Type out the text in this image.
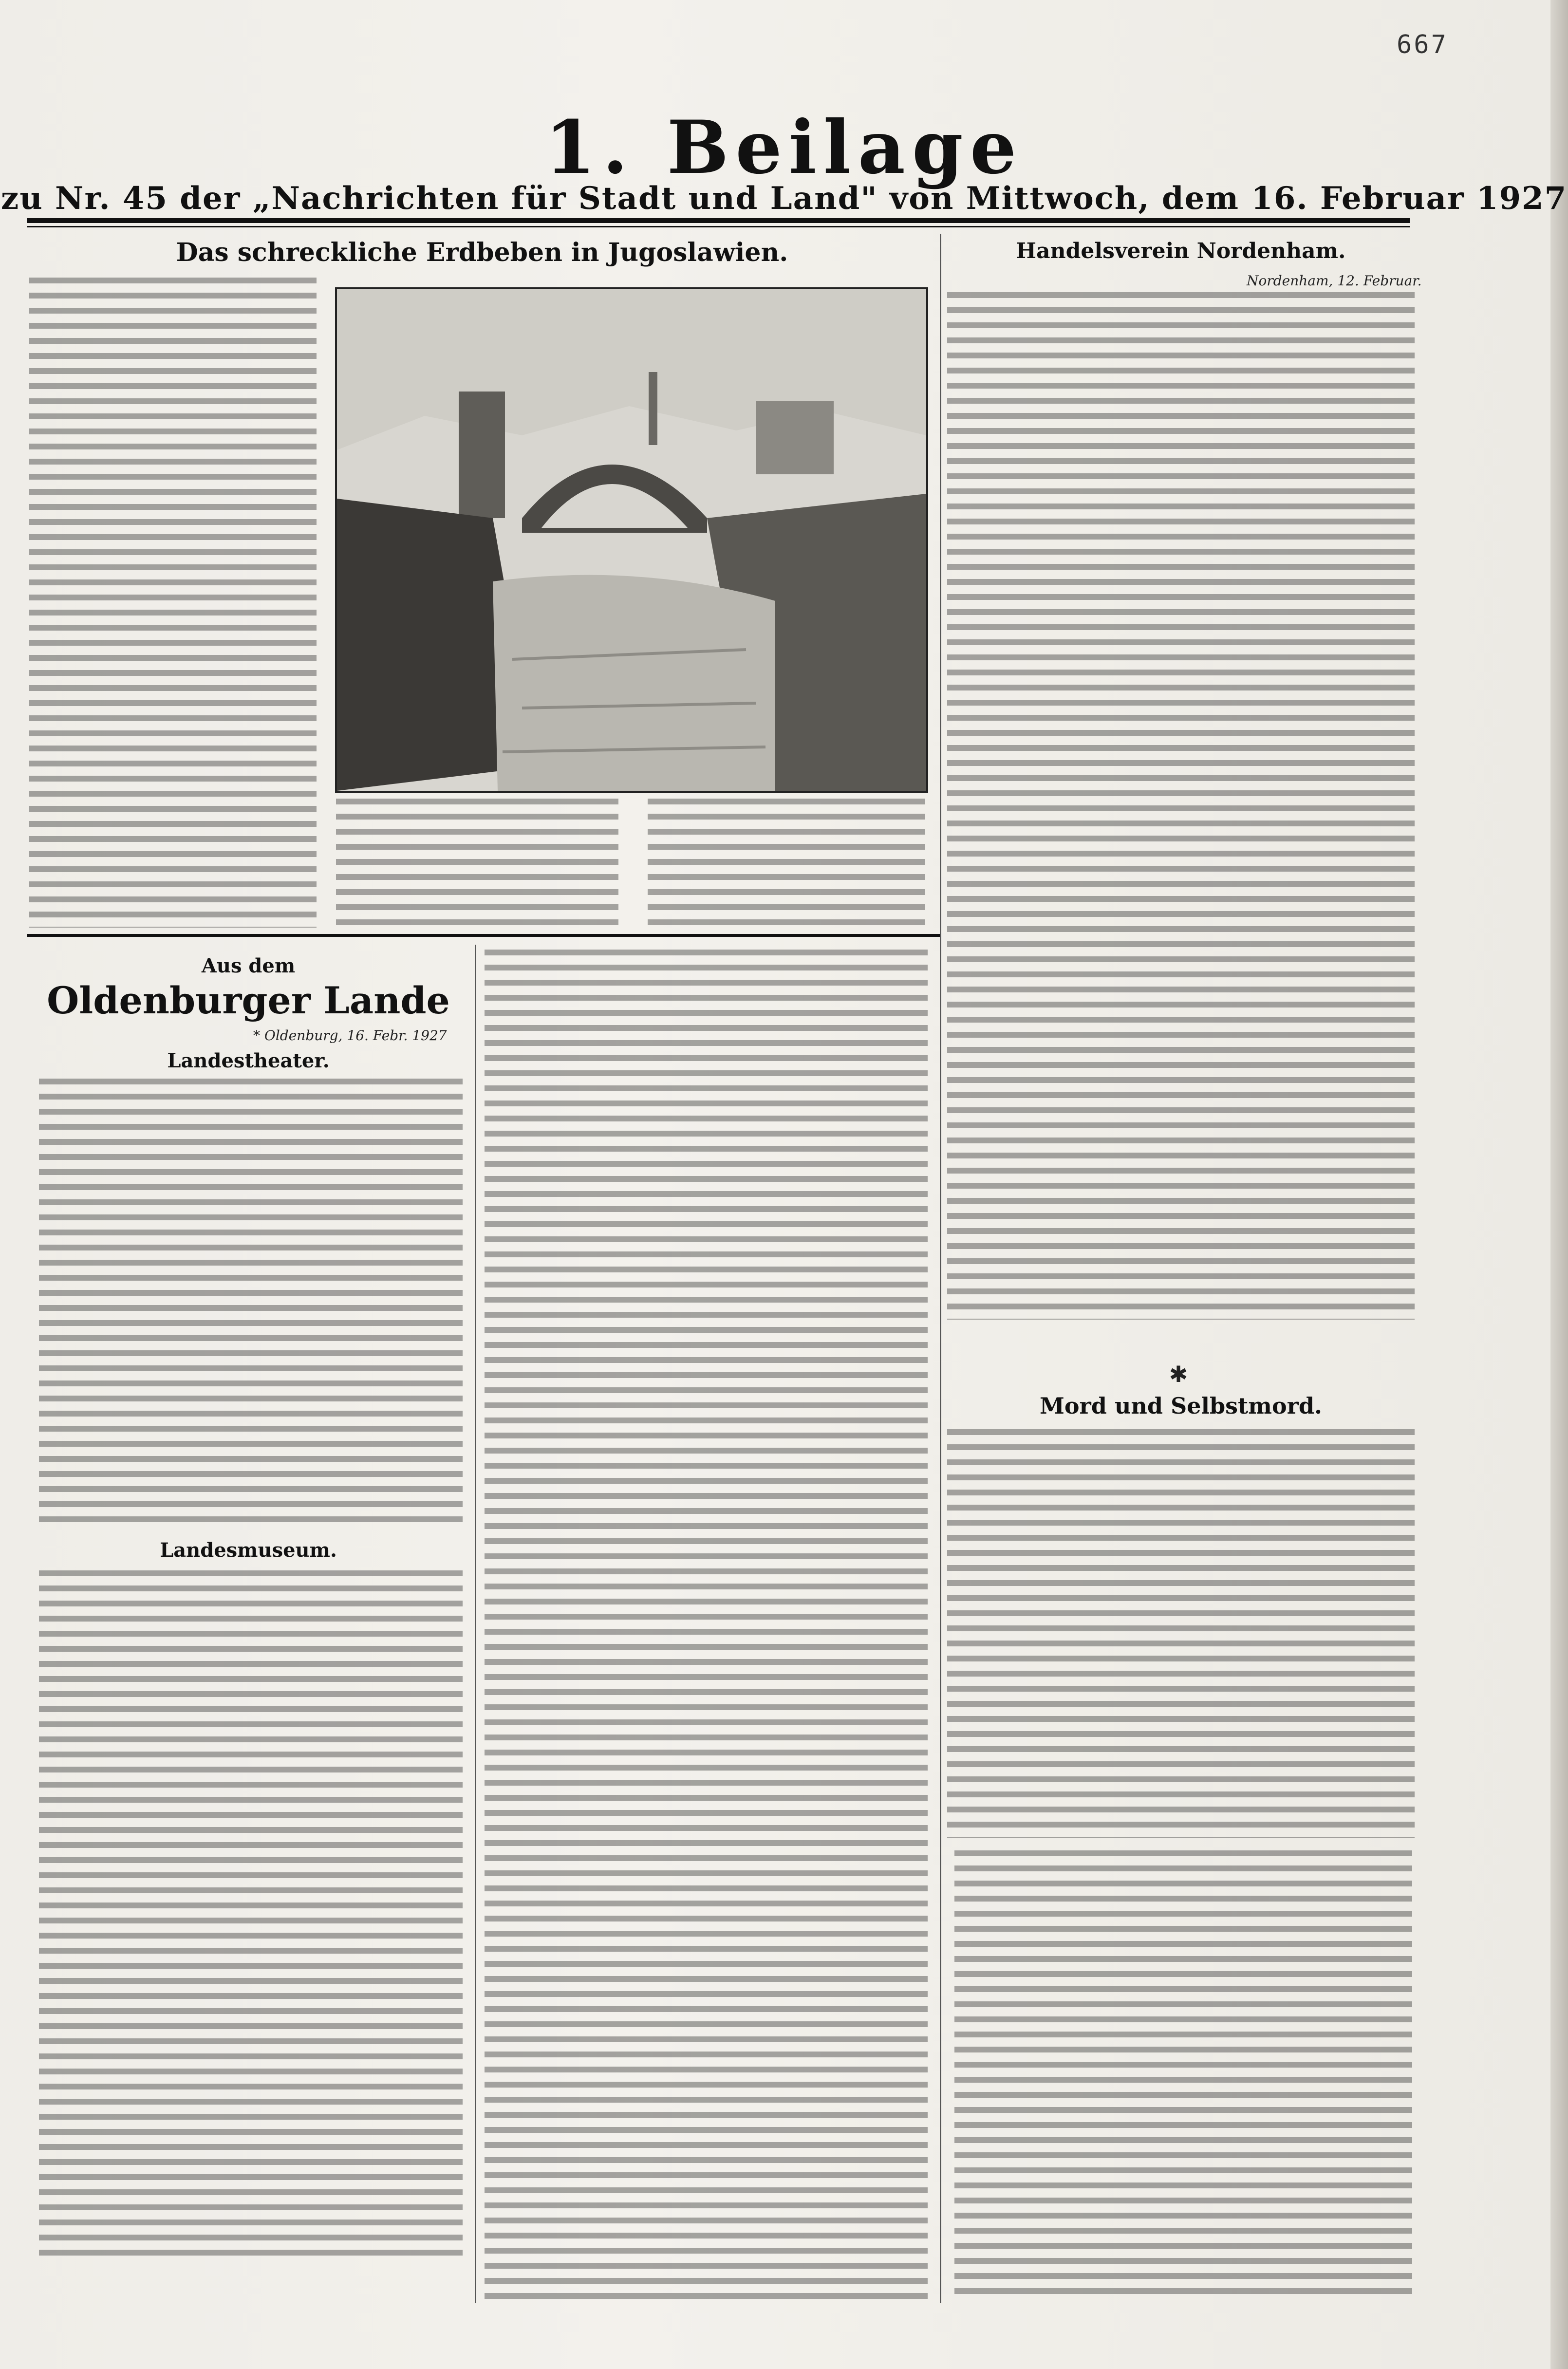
667
1. Beilage
zu Nr. 45 der „Nachrichten für Stadt und Land" von Mittwoch, dem 16. Februar 1927
Das schreckliche Erdbeben in Jugoslawien.	Handelsverein Nordenham.
Nordenham, 12. Februar.
Aus dem
Oldenburger Lande
* Oldenburg, 16. Febr. 1927
Landestheater.
Landesmuseum.
✱
Mord und Selbstmord.
